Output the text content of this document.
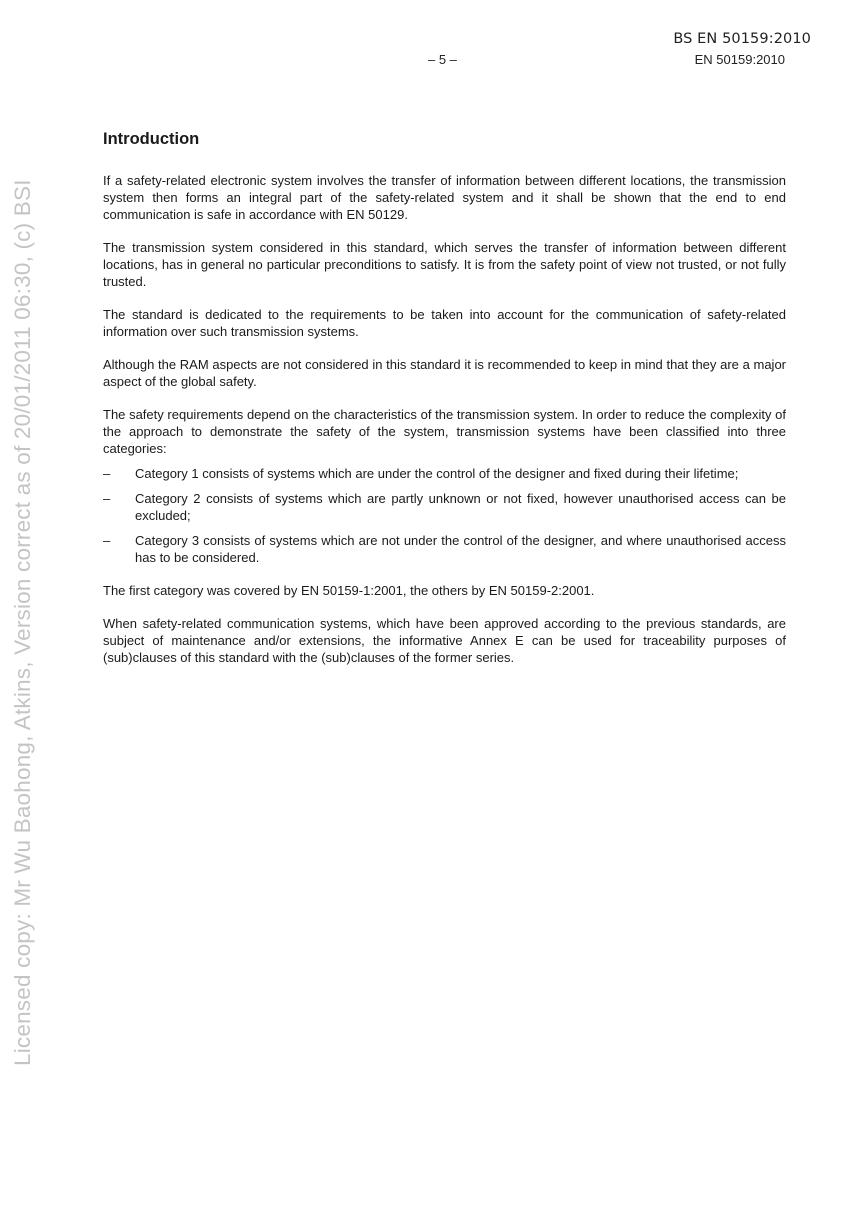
BS EN 50159:2010
– 5 –	EN 50159:2010
Licensed copy: Mr Wu Baohong, Atkins, Version correct as of 20/01/2011 06:30, (c) BSI
Introduction

If a safety-related electronic system involves the transfer of information between different locations, the transmission system then forms an integral part of the safety-related system and it shall be shown that the end to end communication is safe in accordance with EN 50129.

The transmission system considered in this standard, which serves the transfer of information between different locations, has in general no particular preconditions to satisfy. It is from the safety point of view not trusted, or not fully trusted.

The standard is dedicated to the requirements to be taken into account for the communication of safety-related information over such transmission systems.

Although the RAM aspects are not considered in this standard it is recommended to keep in mind that they are a major aspect of the global safety.

The safety requirements depend on the characteristics of the transmission system. In order to reduce the complexity of the approach to demonstrate the safety of the system, transmission systems have been classified into three categories:

– Category 1 consists of systems which are under the control of the designer and fixed during their lifetime;
– Category 2 consists of systems which are partly unknown or not fixed, however unauthorised access can be excluded;
– Category 3 consists of systems which are not under the control of the designer, and where unauthorised access has to be considered.

The first category was covered by EN 50159-1:2001, the others by EN 50159-2:2001.

When safety-related communication systems, which have been approved according to the previous standards, are subject of maintenance and/or extensions, the informative Annex E can be used for traceability purposes of (sub)clauses of this standard with the (sub)clauses of the former series.
